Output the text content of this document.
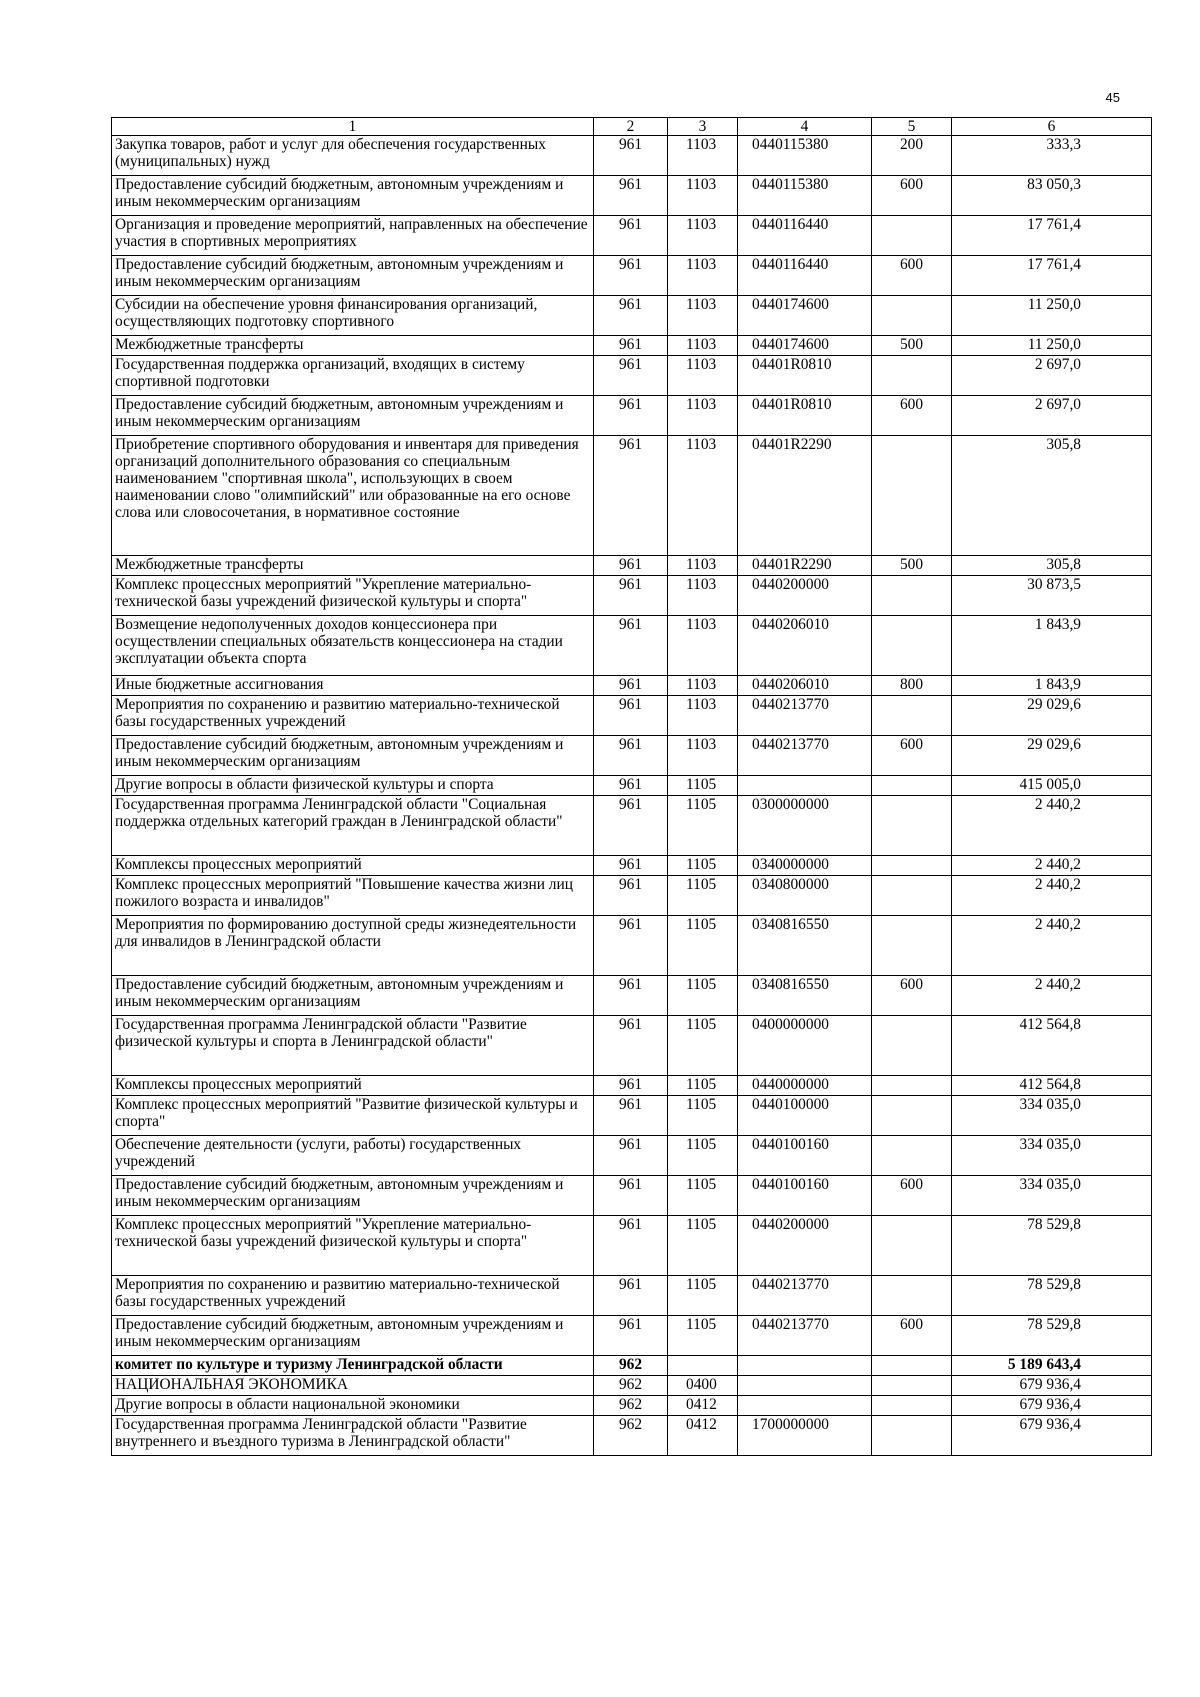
45
1	2	3	4	5	6
Закупка товаров, работ и услуг для обеспечения государственных (муниципальных) нужд	961	1103	0440115380	200	333,3
Предоставление субсидий бюджетным, автономным учреждениям и иным некоммерческим организациям	961	1103	0440115380	600	83 050,3
Организация и проведение мероприятий, направленных на обеспечение участия в спортивных мероприятиях	961	1103	0440116440		17 761,4
Предоставление субсидий бюджетным, автономным учреждениям и иным некоммерческим организациям	961	1103	0440116440	600	17 761,4
Субсидии на обеспечение уровня финансирования организаций, осуществляющих подготовку спортивного	961	1103	0440174600		11 250,0
Межбюджетные трансферты	961	1103	0440174600	500	11 250,0
Государственная поддержка организаций, входящих в систему спортивной подготовки	961	1103	04401R0810		2 697,0
Предоставление субсидий бюджетным, автономным учреждениям и иным некоммерческим организациям	961	1103	04401R0810	600	2 697,0
Приобретение спортивного оборудования и инвентаря для приведения организаций дополнительного образования со специальным наименованием "спортивная школа", использующих в своем наименовании слово "олимпийский" или образованные на его основе слова или словосочетания, в нормативное состояние	961	1103	04401R2290		305,8
Межбюджетные трансферты	961	1103	04401R2290	500	305,8
Комплекс процессных мероприятий "Укрепление материально-технической базы учреждений физической культуры и спорта"	961	1103	0440200000		30 873,5
Возмещение недополученных доходов концессионера при осуществлении специальных обязательств концессионера на стадии эксплуатации объекта спорта	961	1103	0440206010		1 843,9
Иные бюджетные ассигнования	961	1103	0440206010	800	1 843,9
Мероприятия по сохранению и развитию материально-технической базы государственных учреждений	961	1103	0440213770		29 029,6
Предоставление субсидий бюджетным, автономным учреждениям и иным некоммерческим организациям	961	1103	0440213770	600	29 029,6
Другие вопросы в области физической культуры и спорта	961	1105			415 005,0
Государственная программа Ленинградской области "Социальная поддержка отдельных категорий граждан в Ленинградской области"	961	1105	0300000000		2 440,2
Комплексы процессных мероприятий	961	1105	0340000000		2 440,2
Комплекс процессных мероприятий "Повышение качества жизни лиц пожилого возраста и инвалидов"	961	1105	0340800000		2 440,2
Мероприятия по формированию доступной среды жизнедеятельности для инвалидов в Ленинградской области	961	1105	0340816550		2 440,2
Предоставление субсидий бюджетным, автономным учреждениям и иным некоммерческим организациям	961	1105	0340816550	600	2 440,2
Государственная программа Ленинградской области "Развитие физической культуры и спорта в Ленинградской области"	961	1105	0400000000		412 564,8
Комплексы процессных мероприятий	961	1105	0440000000		412 564,8
Комплекс процессных мероприятий "Развитие физической культуры и спорта"	961	1105	0440100000		334 035,0
Обеспечение деятельности (услуги, работы) государственных учреждений	961	1105	0440100160		334 035,0
Предоставление субсидий бюджетным, автономным учреждениям и иным некоммерческим организациям	961	1105	0440100160	600	334 035,0
Комплекс процессных мероприятий "Укрепление материально-технической базы учреждений физической культуры и спорта"	961	1105	0440200000		78 529,8
Мероприятия по сохранению и развитию материально-технической базы государственных учреждений	961	1105	0440213770		78 529,8
Предоставление субсидий бюджетным, автономным учреждениям и иным некоммерческим организациям	961	1105	0440213770	600	78 529,8
комитет по культуре и туризму Ленинградской области	962				5 189 643,4
НАЦИОНАЛЬНАЯ ЭКОНОМИКА	962	0400			679 936,4
Другие вопросы в области национальной экономики	962	0412			679 936,4
Государственная программа Ленинградской области "Развитие внутреннего и въездного туризма в Ленинградской области"	962	0412	1700000000		679 936,4
